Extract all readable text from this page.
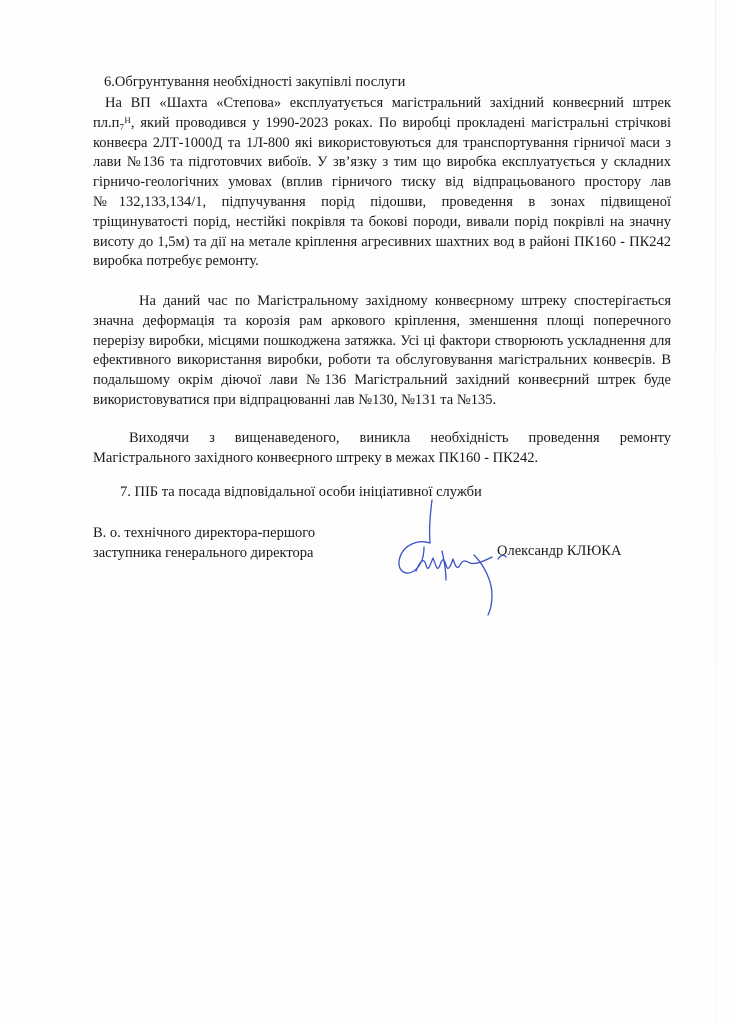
6.Обгрунтування необхідності закупівлі послуги

На ВП «Шахта «Степова» експлуатується магістральний західний конвеєрний штрек пл.п₇ᴴ, який проводився у 1990-2023 роках. По виробці прокладені магістральні стрічкові конвеєра 2ЛТ-1000Д та 1Л-800 які використовуються для транспортування гірничої маси з лави №136 та підготовчих вибоїв. У зв’язку з тим що виробка експлуатується у складних гірничо-геологічних умовах (вплив гірничого тиску від відпрацьованого простору лав №132,133,134/1, підпучування порід підошви, проведення в зонах підвищеної тріщинуватості порід, нестійкі покрівля та бокові породи, вивали порід покрівлі на значну висоту до 1,5м) та дії на метале кріплення агресивних шахтних вод в районі ПК160 - ПК242 виробка потребує ремонту.

На даний час по Магістральному західному конвеєрному штреку спостерігається значна деформація та корозія рам аркового кріплення, зменшення площі поперечного перерізу виробки, місцями пошкоджена затяжка. Усі ці фактори створюють ускладнення для ефективного використання виробки, роботи та обслуговування магістральних конвеєрів. В подальшому окрім діючої лави №136 Магістральний західний конвеєрний штрек буде використовуватися при відпрацюванні лав №130, №131 та №135.

Виходячи з вищенаведеного, виникла необхідність проведення ремонту Магістрального західного конвеєрного штреку в межах ПК160 - ПК242.

7. ПІБ та посада відповідальної особи ініціативної служби
В. о. технічного директора-першого
заступника генерального директора	Олександр КЛЮКА
